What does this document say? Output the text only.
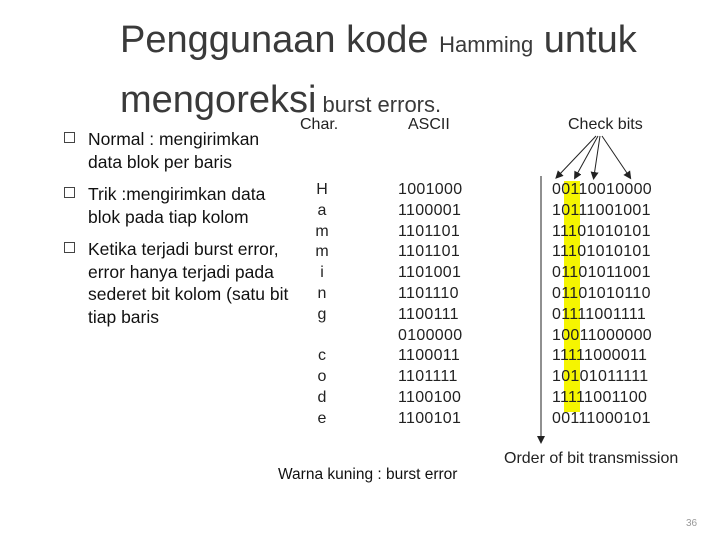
Penggunaan kode Hamming untuk
mengoreksi burst errors.
Normal : mengirimkan data blok per baris
Trik :mengirimkan data blok pada tiap kolom
Ketika terjadi burst error, error hanya terjadi pada sederet bit kolom (satu bit tiap baris
Char.	ASCII	Check bits
H
a
m
m
i
n
g
c
o
d
e
1001000
1100001
1101101
1101101
1101001
1101110
1100111
0100000
1100011
1101111
1100100
1100101
00110010000
10111001001
11101010101
11101010101
01101011001
01101010110
01111001111
10011000000
11111000011
10101011111
11111001100
00111000101
Order of bit transmission
Warna kuning : burst error
36
